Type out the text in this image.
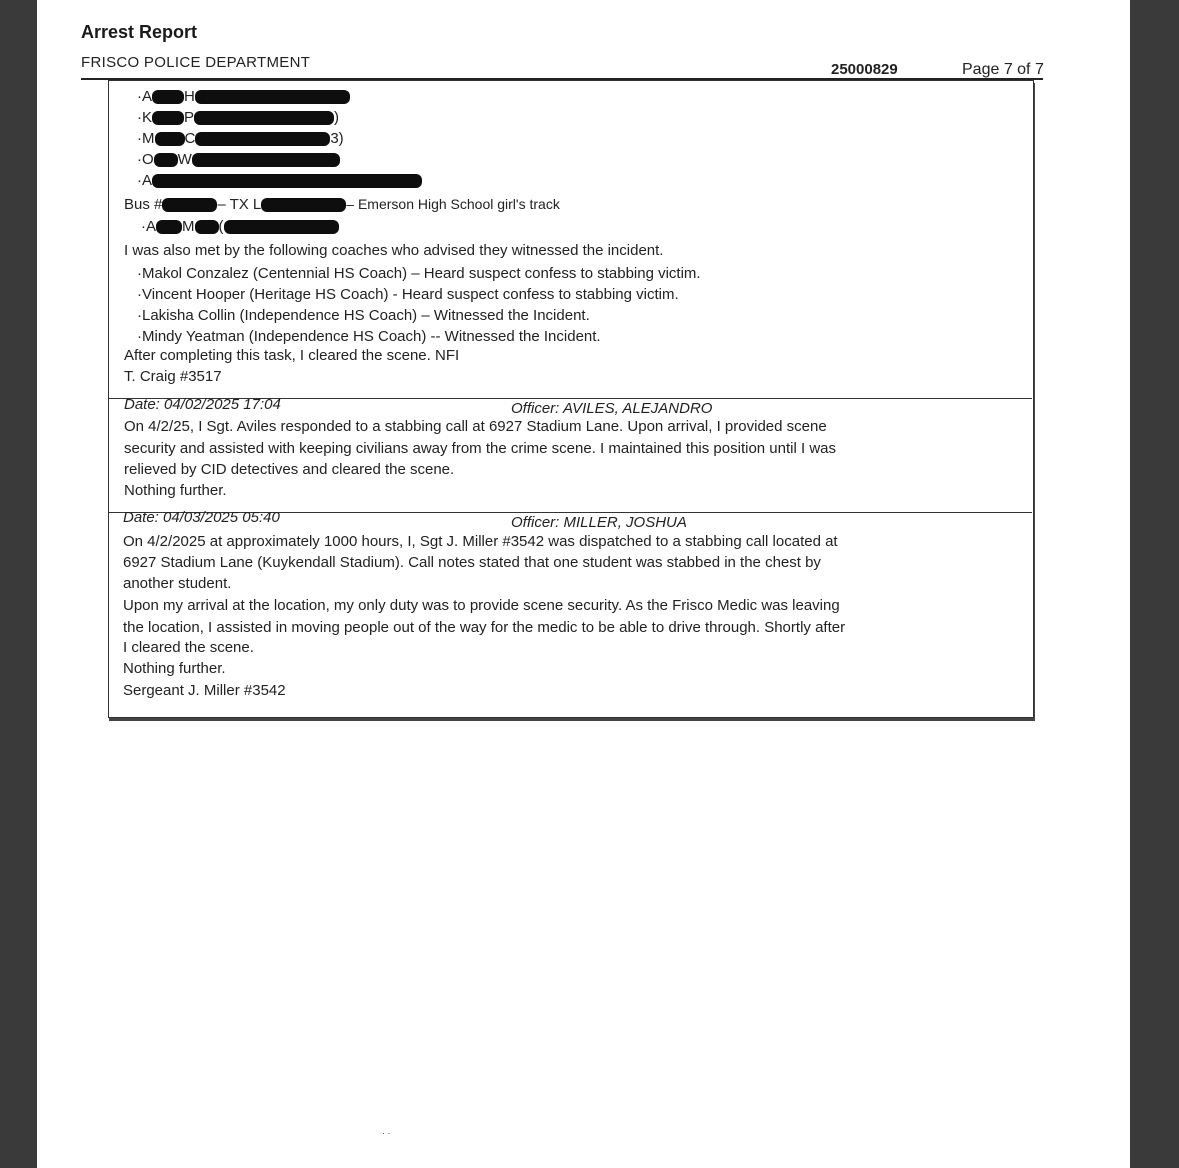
Arrest Report
FRISCO POLICE DEPARTMENT	25000829	Page 7 of 7
·A H
·K P	)
·M C	3)
·O W
·A
Bus #	– TX L	– Emerson High School girl's track
·A M (
I was also met by the following coaches who advised they witnessed the incident.
·Makol Conzalez (Centennial HS Coach) – Heard suspect confess to stabbing victim.
·Vincent Hooper (Heritage HS Coach) - Heard suspect confess to stabbing victim.
·Lakisha Collin (Independence HS Coach) – Witnessed the Incident.
·Mindy Yeatman (Independence HS Coach) -- Witnessed the Incident.
After completing this task, I cleared the scene. NFI
T. Craig #3517
Date: 04/02/2025 17:04	Officer: AVILES, ALEJANDRO
On 4/2/25, I Sgt. Aviles responded to a stabbing call at 6927 Stadium Lane. Upon arrival, I provided scene
security and assisted with keeping civilians away from the crime scene. I maintained this position until I was
relieved by CID detectives and cleared the scene.
Nothing further.
Date: 04/03/2025 05:40	Officer: MILLER, JOSHUA
On 4/2/2025 at approximately 1000 hours, I, Sgt J. Miller #3542 was dispatched to a stabbing call located at
6927 Stadium Lane (Kuykendall Stadium). Call notes stated that one student was stabbed in the chest by
another student.
Upon my arrival at the location, my only duty was to provide scene security. As the Frisco Medic was leaving
the location, I assisted in moving people out of the way for the medic to be able to drive through. Shortly after
I cleared the scene.
Nothing further.
Sergeant J. Miller #3542
· ·
